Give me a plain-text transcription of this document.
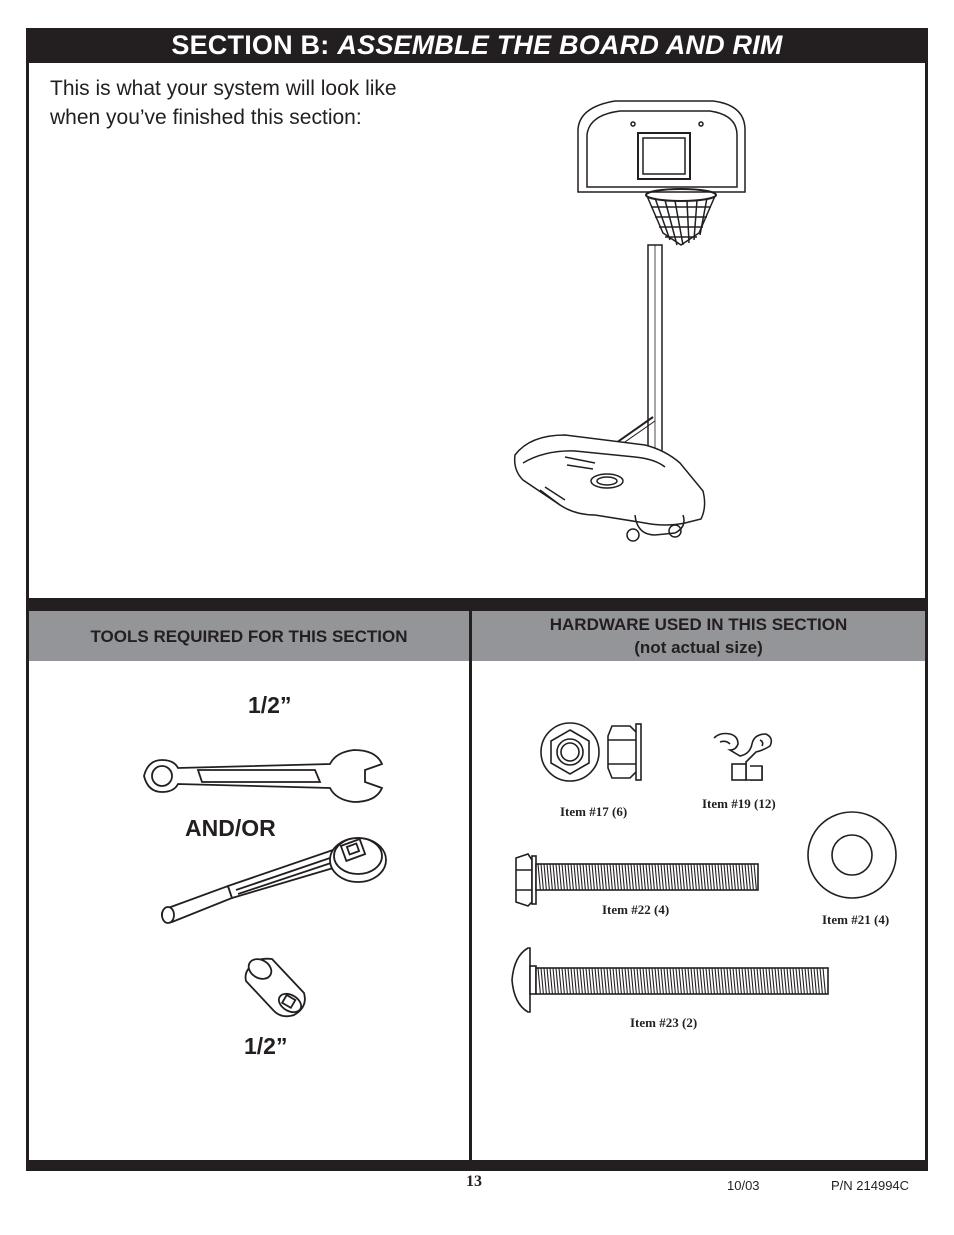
SECTION B: ASSEMBLE THE BOARD AND RIM
This is what your system will look like
when you’ve finished this section:
TOOLS REQUIRED FOR THIS SECTION
HARDWARE USED IN THIS SECTION
(not actual size)
1/2”
AND/OR
1/2”
Item #17 (6)
Item #19 (12)
Item #22 (4)
Item #21 (4)
Item #23 (2)
13	10/03	P/N 214994C
